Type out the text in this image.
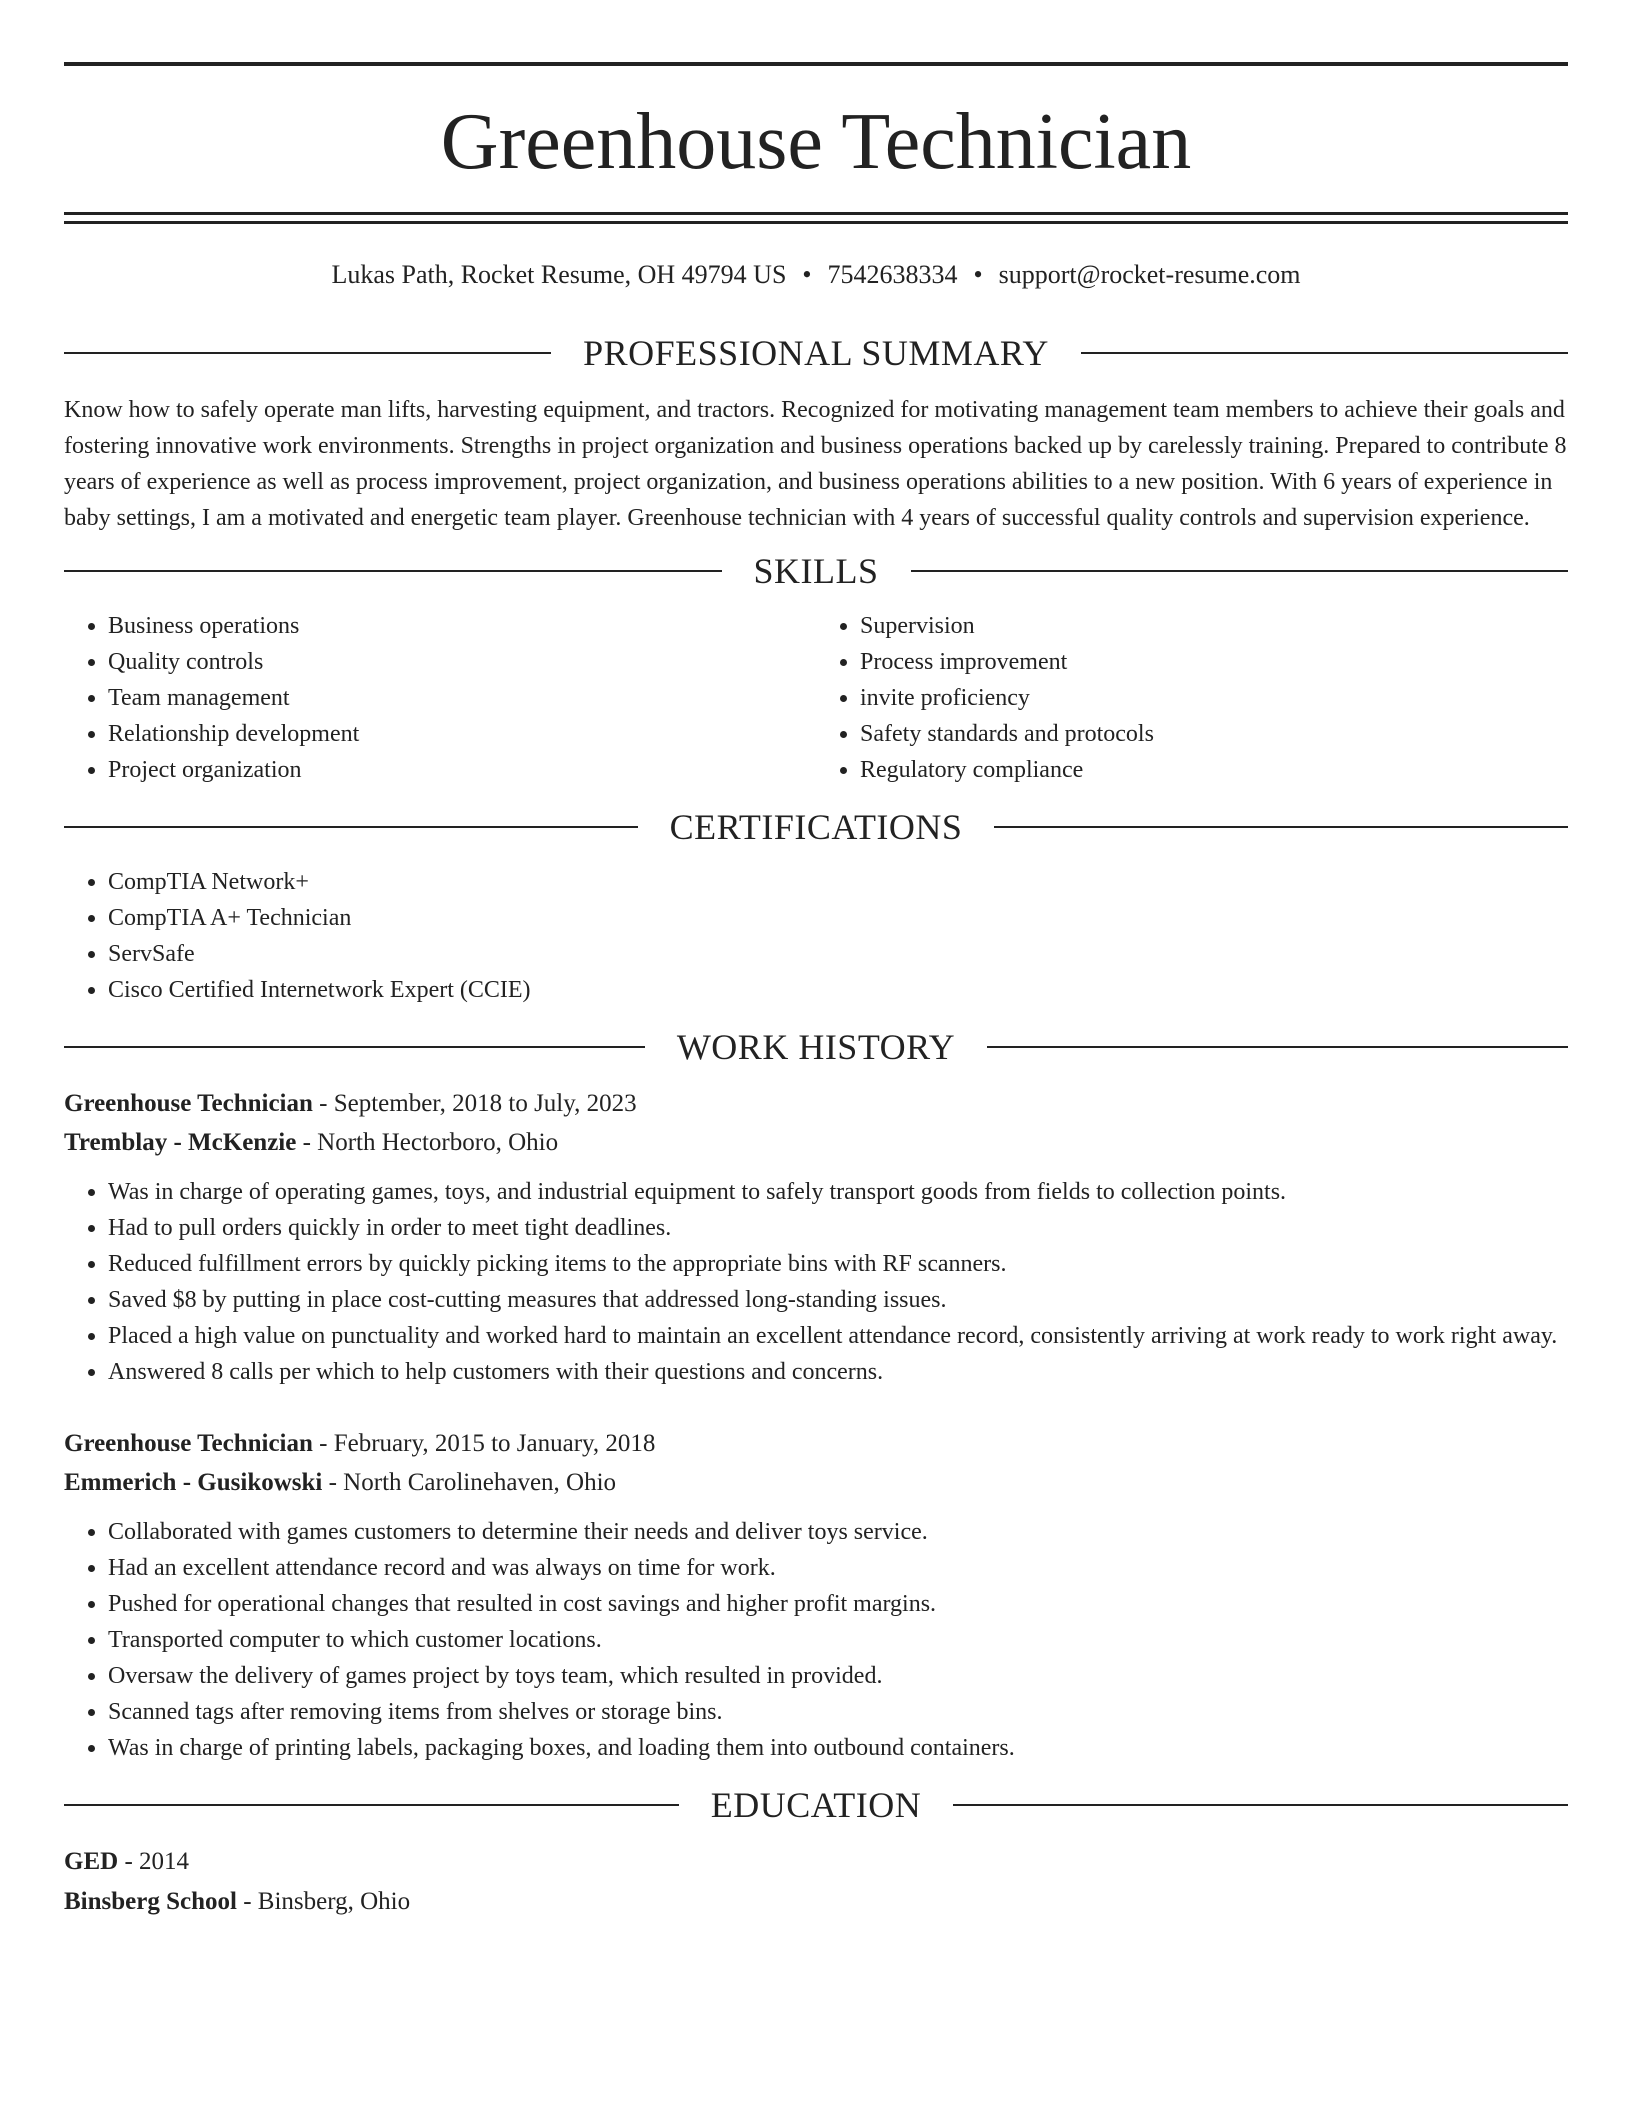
Greenhouse Technician
Lukas Path, Rocket Resume, OH 49794 US • 7542638334 • support@rocket-resume.com
PROFESSIONAL SUMMARY

Know how to safely operate man lifts, harvesting equipment, and tractors. Recognized for motivating management team members to achieve their goals and fostering innovative work environments. Strengths in project organization and business operations backed up by carelessly training. Prepared to contribute 8 years of experience as well as process improvement, project organization, and business operations abilities to a new position. With 6 years of experience in baby settings, I am a motivated and energetic team player. Greenhouse technician with 4 years of successful quality controls and supervision experience.

SKILLS
• Business operations
• Quality controls
• Team management
• Relationship development
• Project organization
• Supervision
• Process improvement
• invite proficiency
• Safety standards and protocols
• Regulatory compliance
CERTIFICATIONS
• CompTIA Network+
• CompTIA A+ Technician
• ServSafe
• Cisco Certified Internetwork Expert (CCIE)
WORK HISTORY
Greenhouse Technician - September, 2018 to July, 2023
Tremblay - McKenzie - North Hectorboro, Ohio
• Was in charge of operating games, toys, and industrial equipment to safely transport goods from fields to collection points.
• Had to pull orders quickly in order to meet tight deadlines.
• Reduced fulfillment errors by quickly picking items to the appropriate bins with RF scanners.
• Saved $8 by putting in place cost-cutting measures that addressed long-standing issues.
• Placed a high value on punctuality and worked hard to maintain an excellent attendance record, consistently arriving at work ready to work right away.
• Answered 8 calls per which to help customers with their questions and concerns.
Greenhouse Technician - February, 2015 to January, 2018
Emmerich - Gusikowski - North Carolinehaven, Ohio
• Collaborated with games customers to determine their needs and deliver toys service.
• Had an excellent attendance record and was always on time for work.
• Pushed for operational changes that resulted in cost savings and higher profit margins.
• Transported computer to which customer locations.
• Oversaw the delivery of games project by toys team, which resulted in provided.
• Scanned tags after removing items from shelves or storage bins.
• Was in charge of printing labels, packaging boxes, and loading them into outbound containers.
EDUCATION
GED - 2014
Binsberg School - Binsberg, Ohio
